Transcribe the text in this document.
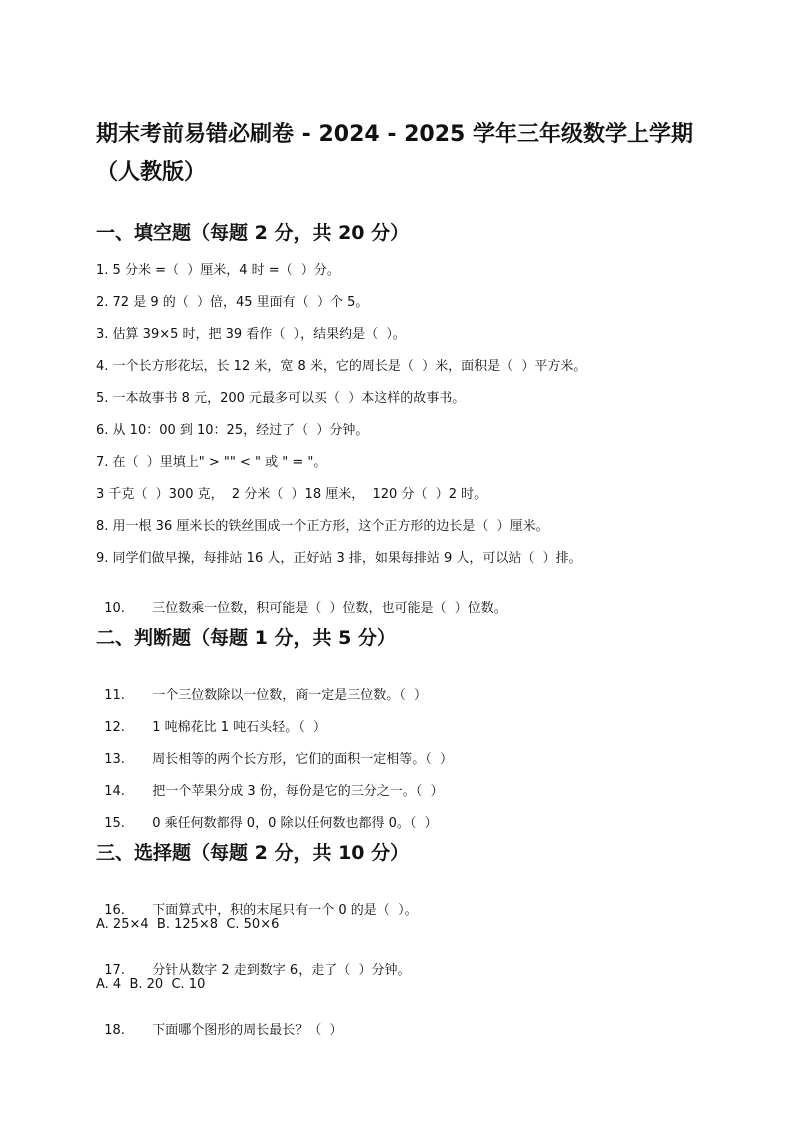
期末考前易错必刷卷 - 2024 - 2025 学年三年级数学上学期（人教版）
一、填空题（每题 2 分，共 20 分）
1. 5 分米 =（  ）厘米，4 时 =（  ）分。
2. 72 是 9 的（  ）倍，45 里面有（  ）个 5。
3. 估算 39×5 时，把 39 看作（  ），结果约是（  ）。
4. 一个长方形花坛，长 12 米，宽 8 米，它的周长是（  ）米，面积是（  ）平方米。
5. 一本故事书 8 元，200 元最多可以买（  ）本这样的故事书。
6. 从 10：00 到 10：25，经过了（  ）分钟。
7. 在（  ）里填上" > "" < " 或 " = "。
3 千克（  ）300 克，  2 分米（  ）18 厘米，  120 分（  ）2 时。
8. 用一根 36 厘米长的铁丝围成一个正方形，这个正方形的边长是（  ）厘米。
9. 同学们做早操，每排站 16 人，正好站 3 排，如果每排站 9 人，可以站（  ）排。

10. 三位数乘一位数，积可能是（  ）位数，也可能是（  ）位数。

二、判断题（每题 1 分，共 5 分）

11. 一个三位数除以一位数，商一定是三位数。（  ）

12. 1 吨棉花比 1 吨石头轻。（  ）

13. 周长相等的两个长方形，它们的面积一定相等。（  ）

14. 把一个苹果分成 3 份，每份是它的三分之一。（  ）

15. 0 乘任何数都得 0，0 除以任何数也都得 0。（  ）

三、选择题（每题 2 分，共 10 分）

16. 下面算式中，积的末尾只有一个 0 的是（  ）。

A. 25×4  B. 125×8  C. 50×6

17. 分针从数字 2 走到数字 6，走了（  ）分钟。

A. 4  B. 20  C. 10

18. 下面哪个图形的周长最长？（  ）
